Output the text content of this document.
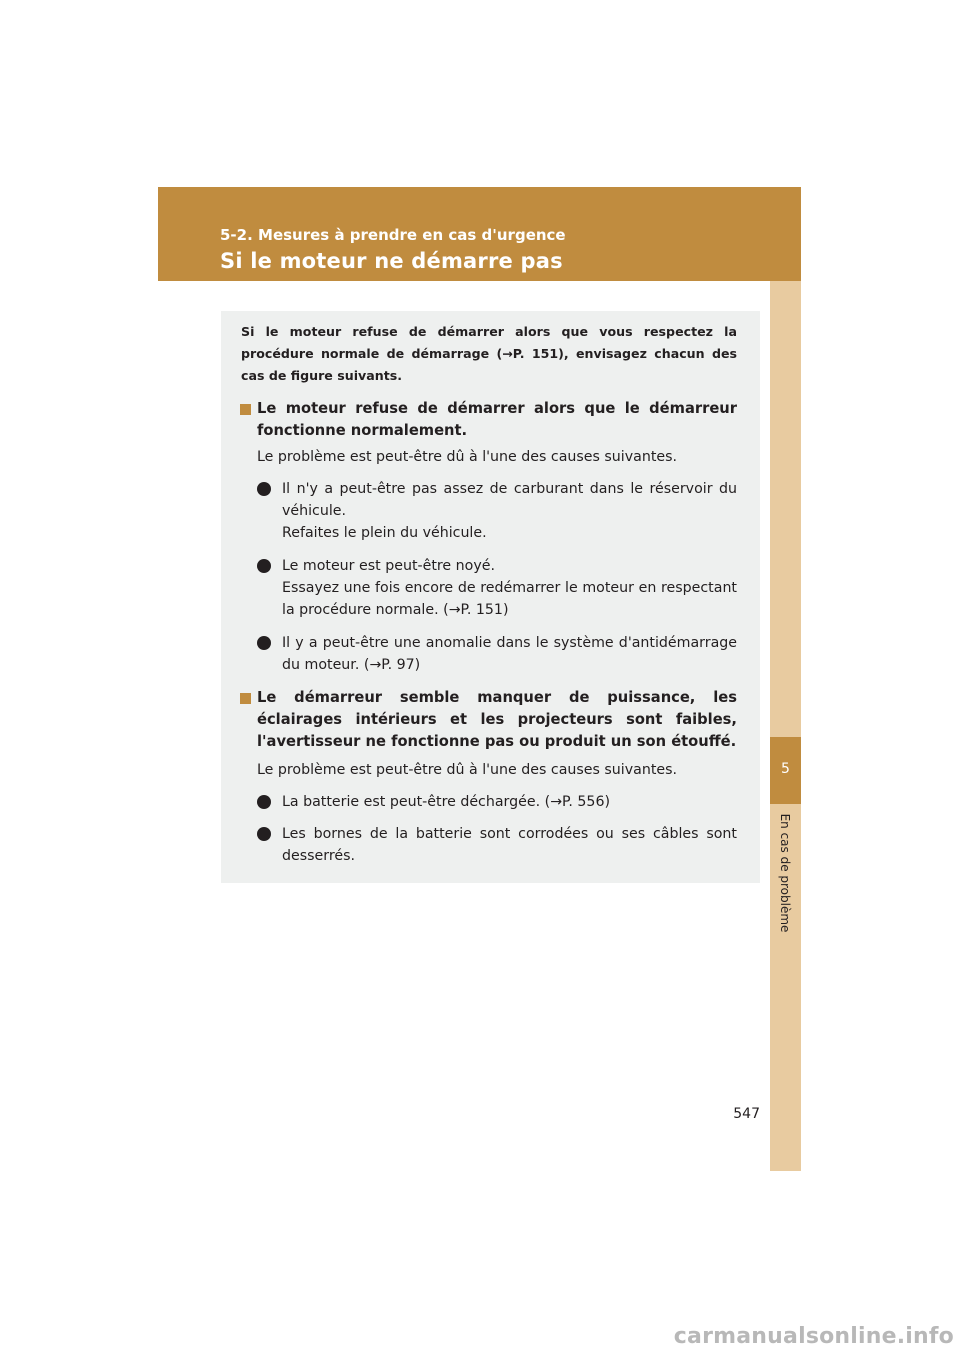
5-2. Mesures à prendre en cas d'urgence
Si le moteur ne démarre pas
5
En cas de problème
Si le moteur refuse de démarrer alors que vous respectez la procédure normale de démarrage (→P. 151), envisagez chacun des cas de figure suivants.
Le moteur refuse de démarrer alors que le démarreur fonctionne normalement.
Le problème est peut-être dû à l'une des causes suivantes.
Il n'y a peut-être pas assez de carburant dans le réservoir du véhicule.
Refaites le plein du véhicule.
Le moteur est peut-être noyé.
Essayez une fois encore de redémarrer le moteur en respectant la procédure normale. (→P. 151)
Il y a peut-être une anomalie dans le système d'antidémarrage du moteur. (→P. 97)
Le démarreur semble manquer de puissance, les éclairages intérieurs et les projecteurs sont faibles, l'avertisseur ne fonctionne pas ou produit un son étouffé.
Le problème est peut-être dû à l'une des causes suivantes.
La batterie est peut-être déchargée. (→P. 556)
Les bornes de la batterie sont corrodées ou ses câbles sont desserrés.
547
carmanualsonline.info
